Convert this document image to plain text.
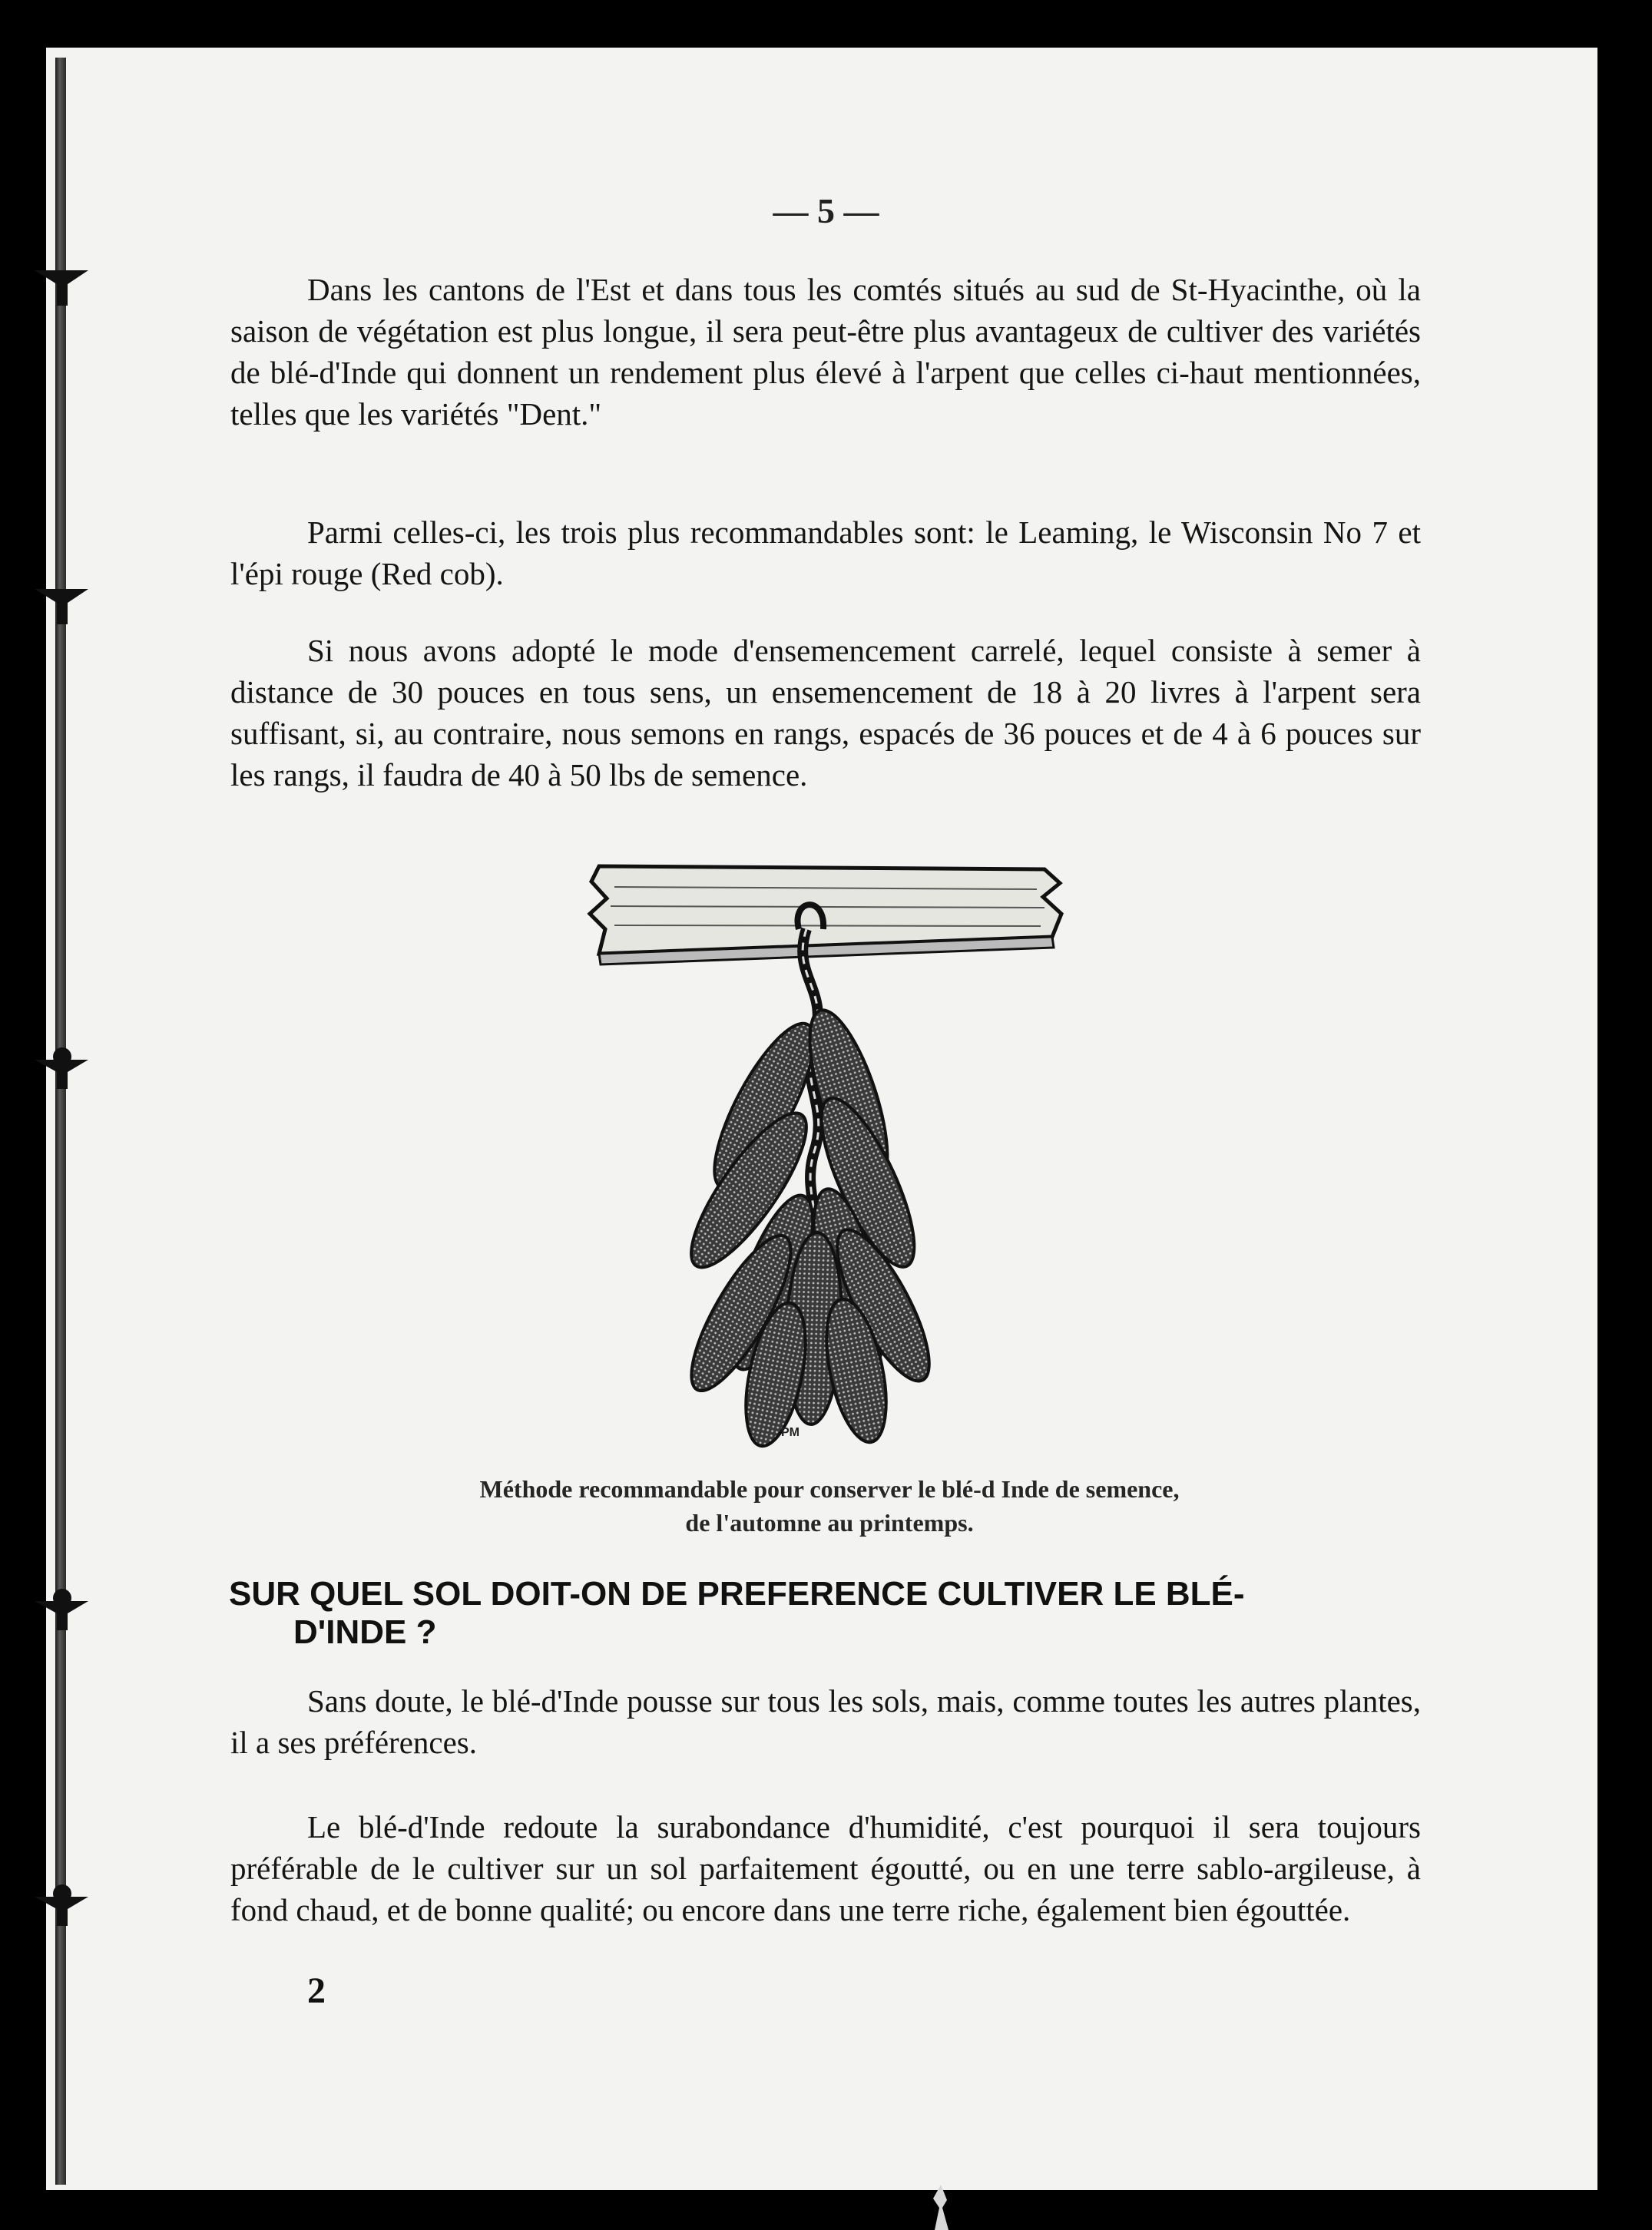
— 5 —

Dans les cantons de l'Est et dans tous les comtés situés au sud de St-Hyacinthe, où la saison de végétation est plus longue, il sera peut-être plus avantageux de cultiver des variétés de blé-d'Inde qui donnent un rendement plus élevé à l'arpent que celles ci-haut mentionnées, telles que les variétés "Dent."

Parmi celles-ci, les trois plus recommandables sont: le Leaming, le Wisconsin No 7 et l'épi rouge (Red cob).

Si nous avons adopté le mode d'ensemencement carrelé, lequel consiste à semer à distance de 30 pouces en tous sens, un ensemencement de 18 à 20 livres à l'arpent sera suffisant, si, au contraire, nous semons en rangs, espacés de 36 pouces et de 4 à 6 pouces sur les rangs, il faudra de 40 à 50 lbs de semence.

PM
Méthode recommandable pour conserver le blé-d Inde de semence,
de l'automne au printemps.
SUR QUEL SOL DOIT-ON DE PREFERENCE CULTIVER LE BLÉ-
D'INDE ?

Sans doute, le blé-d'Inde pousse sur tous les sols, mais, comme toutes les autres plantes, il a ses préférences.

Le blé-d'Inde redoute la surabondance d'humidité, c'est pourquoi il sera toujours préférable de le cultiver sur un sol parfaitement égoutté, ou en une terre sablo-argileuse, à fond chaud, et de bonne qualité; ou encore dans une terre riche, également bien égouttée.

2
